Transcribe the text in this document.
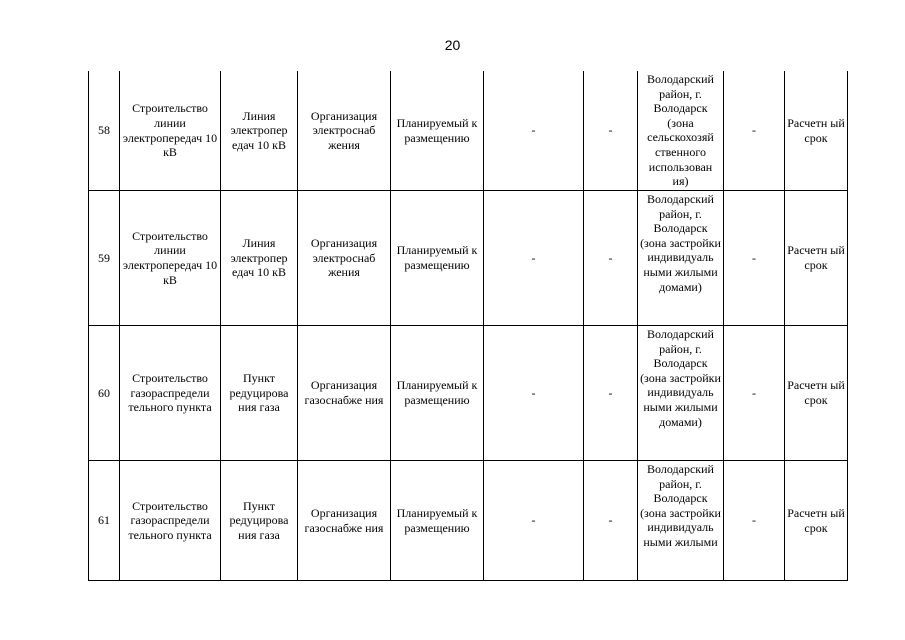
20
58	Строительство линии электропередач 10 кВ	Линия электропер едач 10 кВ	Организация электроснаб жения	Планируемый к размещению	-	-	Володарский район, г. Володарск (зона сельскохозяй ственного использован ия)	-	Расчетн ый срок
59	Строительство линии электропередач 10 кВ	Линия электропер едач 10 кВ	Организация электроснаб жения	Планируемый к размещению	-	-	Володарский район, г. Володарск (зона застройки индивидуаль ными жилыми домами)	-	Расчетн ый срок
60	Строительство газораспредели тельного пункта	Пункт редуцирова ния газа	Организация газоснабже ния	Планируемый к размещению	-	-	Володарский район, г. Володарск (зона застройки индивидуаль ными жилыми домами)	-	Расчетн ый срок
61	Строительство газораспредели тельного пункта	Пункт редуцирова ния газа	Организация газоснабже ния	Планируемый к размещению	-	-	Володарский район, г. Володарск (зона застройки индивидуаль ными жилыми	-	Расчетн ый срок
